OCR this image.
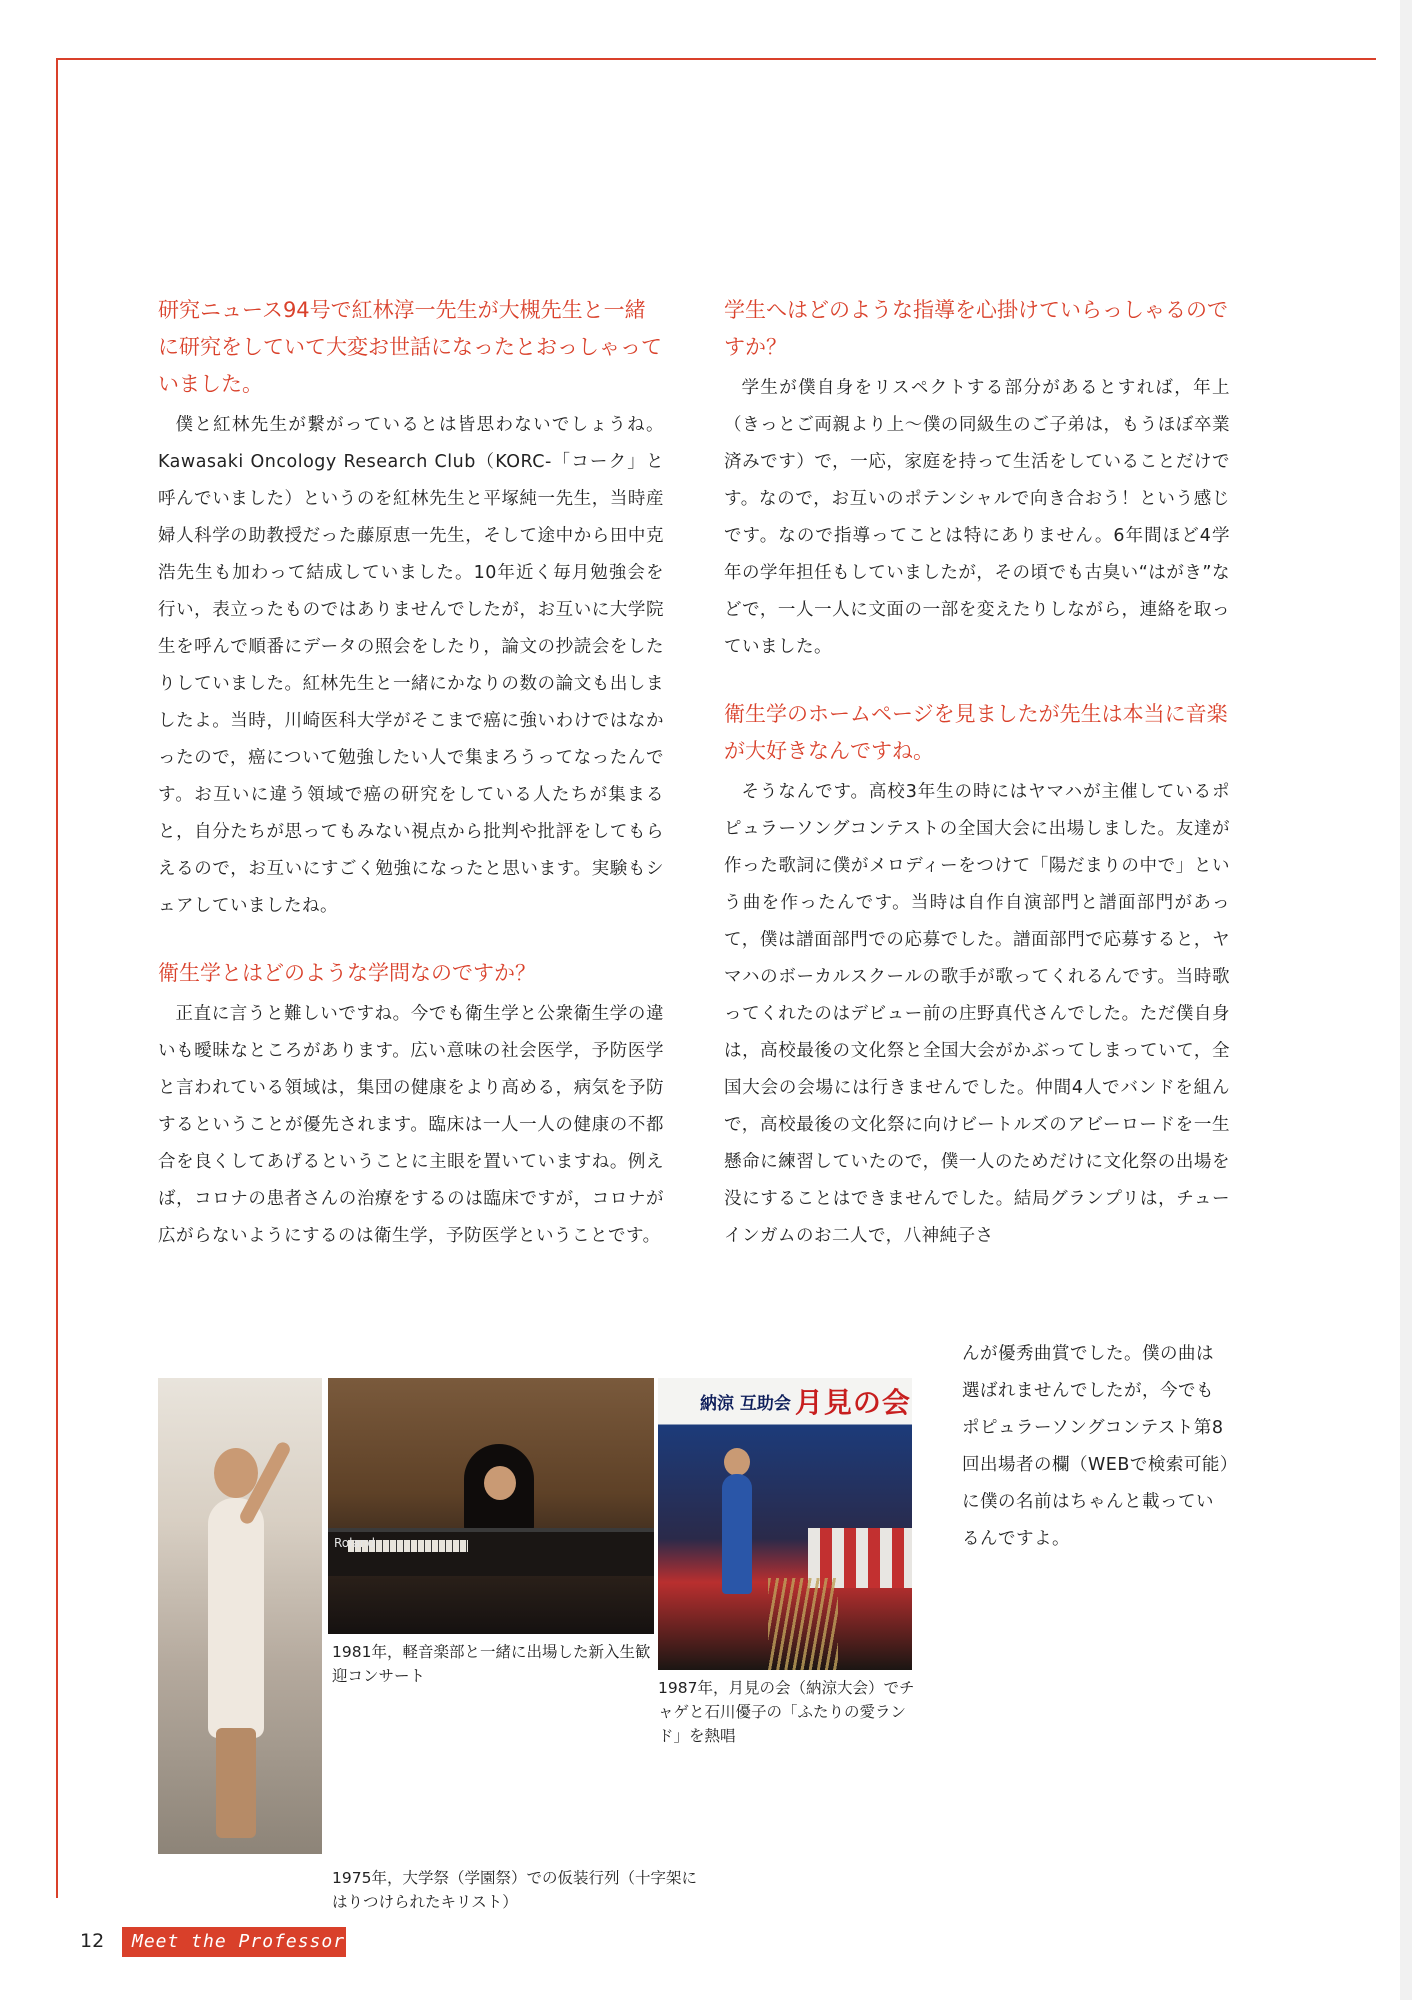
研究ニュース94号で紅林淳一先生が大槻先生と一緒に研究をしていて大変お世話になったとおっしゃっていました。

僕と紅林先生が繋がっているとは皆思わないでしょうね。Kawasaki Oncology Research Club（KORC-「コーク」と呼んでいました）というのを紅林先生と平塚純一先生，当時産婦人科学の助教授だった藤原恵一先生，そして途中から田中克浩先生も加わって結成していました。10年近く毎月勉強会を行い，表立ったものではありませんでしたが，お互いに大学院生を呼んで順番にデータの照会をしたり，論文の抄読会をしたりしていました。紅林先生と一緒にかなりの数の論文も出しましたよ。当時，川崎医科大学がそこまで癌に強いわけではなかったので，癌について勉強したい人で集まろうってなったんです。お互いに違う領域で癌の研究をしている人たちが集まると，自分たちが思ってもみない視点から批判や批評をしてもらえるので，お互いにすごく勉強になったと思います。実験もシェアしていましたね。

衛生学とはどのような学問なのですか？

正直に言うと難しいですね。今でも衛生学と公衆衛生学の違いも曖昧なところがあります。広い意味の社会医学，予防医学と言われている領域は，集団の健康をより高める，病気を予防するということが優先されます。臨床は一人一人の健康の不都合を良くしてあげるということに主眼を置いていますね。例えば，コロナの患者さんの治療をするのは臨床ですが，コロナが広がらないようにするのは衛生学，予防医学ということです。

学生へはどのような指導を心掛けていらっしゃるのですか？

学生が僕自身をリスペクトする部分があるとすれば，年上（きっとご両親より上～僕の同級生のご子弟は，もうほぼ卒業済みです）で，一応，家庭を持って生活をしていることだけです。なので，お互いのポテンシャルで向き合おう！という感じです。なので指導ってことは特にありません。6年間ほど4学年の学年担任もしていましたが，その頃でも古臭い“はがき”などで，一人一人に文面の一部を変えたりしながら，連絡を取っていました。

衛生学のホームページを見ましたが先生は本当に音楽が大好きなんですね。

そうなんです。高校3年生の時にはヤマハが主催しているポピュラーソングコンテストの全国大会に出場しました。友達が作った歌詞に僕がメロディーをつけて「陽だまりの中で」という曲を作ったんです。当時は自作自演部門と譜面部門があって，僕は譜面部門での応募でした。譜面部門で応募すると，ヤマハのボーカルスクールの歌手が歌ってくれるんです。当時歌ってくれたのはデビュー前の庄野真代さんでした。ただ僕自身は，高校最後の文化祭と全国大会がかぶってしまっていて，全国大会の会場には行きませんでした。仲間4人でバンドを組んで，高校最後の文化祭に向けビートルズのアビーロードを一生懸命に練習していたので，僕一人のためだけに文化祭の出場を没にすることはできませんでした。結局グランプリは，チューインガムのお二人で，八神純子さ

んが優秀曲賞でした。僕の曲は選ばれませんでしたが，今でもポピュラーソングコンテスト第8回出場者の欄（WEBで検索可能）に僕の名前はちゃんと載っているんですよ。

Roland
納涼 互助会 月見の会

1975年，大学祭（学園祭）での仮装行列（十字架にはりつけられたキリスト）

1981年，軽音楽部と一緒に出場した新入生歓迎コンサート

1987年，月見の会（納涼大会）でチャゲと石川優子の「ふたりの愛ランド」を熱唱

12	Meet the Professor
